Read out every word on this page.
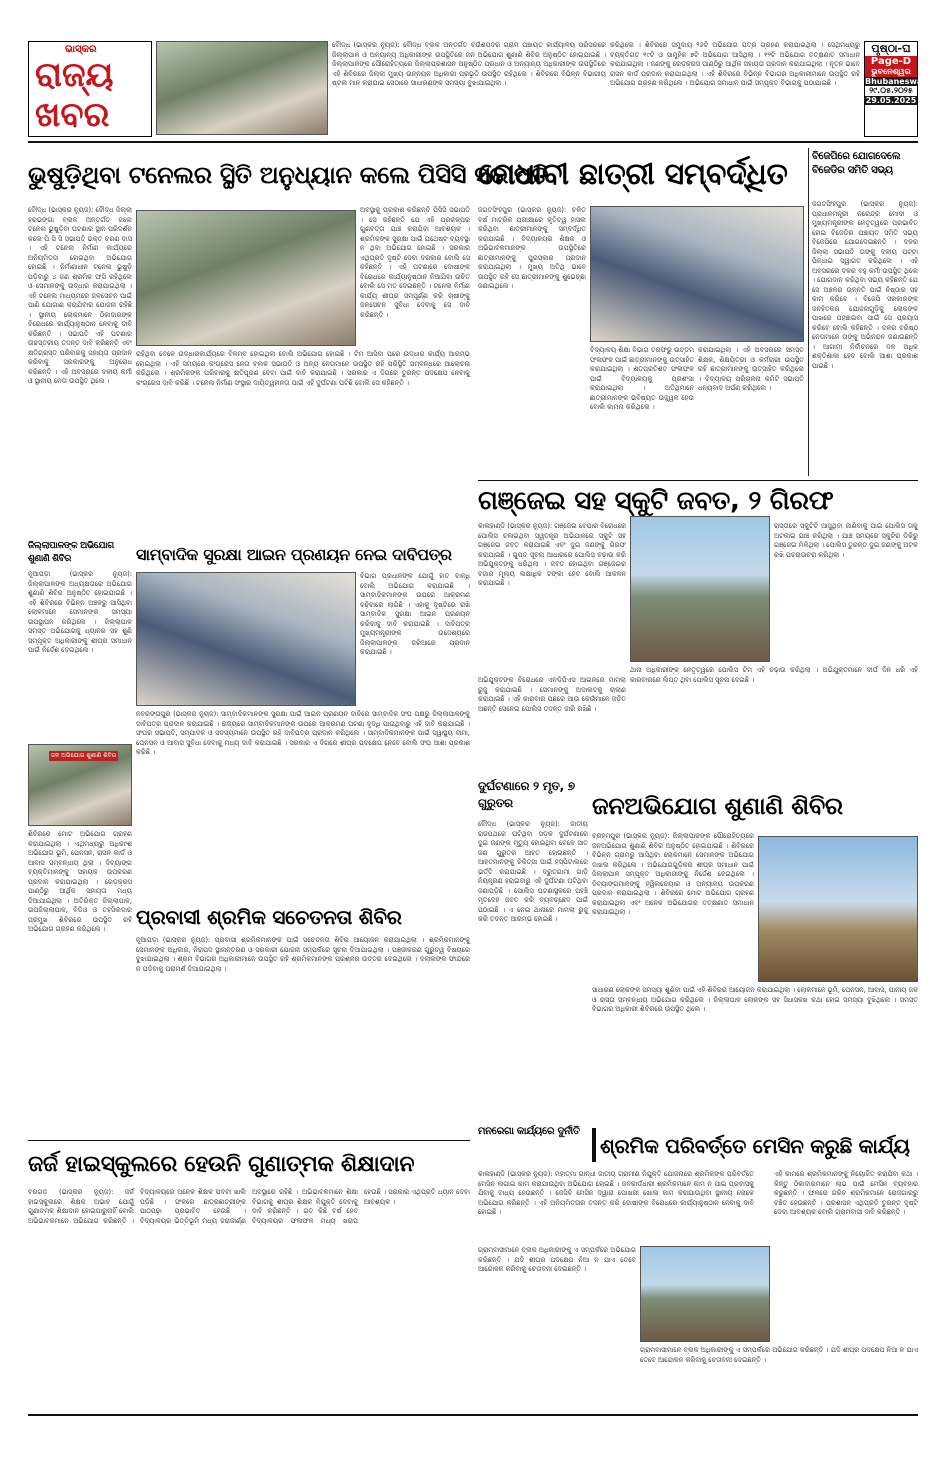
ଭାସ୍କର
ରାଜ୍ୟ
ଖବର
ବୌଦ୍ଧ (ଭାସ୍କର ନ୍ୟୁଜ): ବୌଦ୍ଧ ବ୍ଲକ ଅନ୍ତର୍ଗତ ବଉଁଶପଦର ଗ୍ରାମ ପଞ୍ଚାୟତ କାର୍ଯ୍ୟାଳୟ ପରିସରରେ ଜିଲ୍ଲାପାଳ ଓ ଅନ୍ୟାନ୍ୟ ଅଧିକାରୀଙ୍କ ଉପସ୍ଥିତିରେ ଜନ ଅଭିଯୋଗ ଶୁଣାଣି ଶିବିର ଅନୁଷ୍ଠିତ ହୋଇଯାଇଛି । ଜିଲ୍ଲାପାଳଙ୍କ ପୌରୋହିତ୍ୟରେ ଜିଲ୍ଲାପ୍ରଶାସନ ଅନୁଷ୍ଠିତ ପ୍ରଧାନ ଓ ଅନ୍ୟାନ୍ୟ ଅଧିକାରୀଙ୍କ ଉପସ୍ଥିତିରେ ଏହି ଶିବିରରେ ଜିଲ୍ଲା ମୁଖ୍ୟ ଉନ୍ନୟନ ଅଧିକାରୀ ପ୍ରଭୃତି ଉପସ୍ଥିତ ରହିଥିଲେ । ଶିବିରରେ ବିଭିନ୍ନ ବିଭାଗୀୟ ଷ୍ଟଲ ମାନ କରାଯାଇ ସେଠାରେ ସାଧାରଣଙ୍କ ସମସ୍ୟା ବୁଝାଯାଇଥିଲା ।
କରିଥିଲେ । ଶିବିରରେ ସମୁଦାୟ ୨୬ଟି ଅଭିଯୋଗ ପତ୍ର ଗ୍ରହଣ କରାଯାଇଥିଲା । ସେଥିମଧ୍ୟରୁ ବ୍ୟକ୍ତିଗତ ୧୯ଟି ଓ ସାମୁହିକ ୭ଟି ଅଭିଯୋଗ ଆସିଥିଲା । ୧୨ଟି ଅଭିଯୋଗ ତତ୍କ୍ଷଣାତ ସମାଧାନ କରାଯାଇଥିଲା । ଜଣଙ୍କୁ ରେଡ଼କ୍ରସ ପାଣ୍ଠିରୁ ଆର୍ଥିକ ସହାୟତା ପ୍ରଦାନ କରାଯାଇଥିଲା । ନୂତନ ଭାବେ ରାସନ କାର୍ଡ ପ୍ରଦାନ କରାଯାଇଥିଲା । ଏହି ଶିବିରରେ ବିଭିନ୍ନ ବିଭାଗର ଅଧିକାରୀମାନେ ଉପସ୍ଥିତ ରହି ଅଭିଯୋଗ ଗ୍ରହଣ କରିଥିଲେ । ଅଭିଯୋଗ ସମାଧାନ ପାଇଁ ସମ୍ପୃକ୍ତ ବିଭାଗକୁ ପଠାଯାଇଛି ।
ପୃଷ୍ଠା-ଘ
Page-D
ଭୁବନେଶ୍ୱର
Bhubaneswar
୨୯.୦୫.୨୦୨୫
29.05.2025
ଭୁଷୁଡ଼ିଥିବା ଟନେଲର ସ୍ଥିତି ଅନୁଧ୍ୟାନ କଲେ ପିସିସି ସଭାପତି
ବୌଦ୍ଧ (ଭାସ୍କର ନ୍ୟୁଜ): ବୌଦ୍ଧ ଜିଲ୍ଲା ହରଭଙ୍ଗା ବ୍ଲକ ଅନ୍ତର୍ଗତ ଜଲେ ଟନେଲ ଭୁଷୁଡ଼ିବା ଘଟଣାର ସ୍ଥାନ ପରିଦର୍ଶନ କଲେ ପି ସି ସି ସଭାପତି ଭକ୍ତ ଚରଣ ଦାସ । ଏହି ଟନେଲ ନିର୍ମାଣ କାର୍ଯ୍ୟରେ ଅନିୟମିତତା ହୋଇଥିବା ଅଭିଯୋଗ ହୋଇଛି । ନିର୍ମାଣାଧୀନ ଟନେଲ ଭୁଷୁଡ଼ି ପଡ଼ିବାରୁ ୪ ଜଣ ଶ୍ରମିକ ଫସି ରହିଥିଲେ ଓ ସେମାନଙ୍କୁ ଉଦ୍ଧାର କରାଯାଇଥିଲା । ଏହି ଟନେଲ ମାଧ୍ୟମରେ ଜଳସେଚନ ପାଇଁ ପାଣି ଯୋଗାଣ କରାଯିବାର ଯୋଜନା ରହିଛି । ସ୍ଥାନୀୟ ଲୋକମାନେ ଠିକାଦାରଙ୍କ ବିରୋଧରେ କାର୍ଯ୍ୟାନୁଷ୍ଠାନ ନେବାକୁ ଦାବି କରିଛନ୍ତି । ସଭାପତି ଏହି ଘଟଣାର ଉଚ୍ଚସ୍ତରୀୟ ତଦନ୍ତ ଦାବି କରିଛନ୍ତି ଏବଂ କ୍ଷତିଗ୍ରସ୍ତ ପରିବାରକୁ ସହାୟତା ପ୍ରଦାନ କରିବାକୁ ସରକାରଙ୍କୁ ଅନୁରୋଧ କରିଛନ୍ତି । ଏହି ଅବସରରେ ଦଳୀୟ କର୍ମୀ ଓ ସ୍ଥାନୀୟ ନେତା ଉପସ୍ଥିତ ଥିଲେ ।
ଅବସ୍ଥାକୁ ପ୍ରକାଶ କରିଛନ୍ତି ପିସିସି ସଭାପତି । ସେ କହିଛନ୍ତି ଯେ ଏହି ପ୍ରକଳ୍ପର ଗୁଣବତ୍ତା ଯାଞ୍ଚ କରାଯିବା ଆବଶ୍ୟକ । ଶ୍ରମିକଙ୍କ ସୁରକ୍ଷା ପାଇଁ ଯଥେଷ୍ଟ ବ୍ୟବସ୍ଥା ନ ଥିବା ଅଭିଯୋଗ ହୋଇଛି । ସରକାର ଏଥିପ୍ରତି ଦୃଷ୍ଟି ଦେବା ଦରକାର ବୋଲି ସେ କହିଛନ୍ତି । ଏହି ଘଟଣାରେ ଦୋଷୀଙ୍କ ବିରୋଧରେ କାର୍ଯ୍ୟାନୁଷ୍ଠାନ ନିଆଯିବା ଉଚିତ ବୋଲି ସେ ମତ ଦେଇଛନ୍ତି । ଟନେଲ ନିର୍ମାଣ କାର୍ଯ୍ୟ ଶୀଘ୍ର ସମ୍ପୂର୍ଣ୍ଣ କରି ଚାଷୀଙ୍କୁ ଜଳସେଚନ ସୁବିଧା ଦେବାକୁ ସେ ଦାବି କରିଛନ୍ତି ।
ରହିଥିବା ବେଳେ ଉଦ୍ଧାରକାର୍ଯ୍ୟରେ ବିଳମ୍ବ ହୋଇଥିଲା ବୋଲି ଅଭିଯୋଗ ହୋଇଛି । ଟିମ ଆସିବା ପରେ ଉଦ୍ଧାର କାର୍ଯ୍ୟ ଆରମ୍ଭ ହୋଇଥିଲା । ଏହି ସମୟରେ କଂଗ୍ରେସ ନେତା ବ୍ଲକ ସଭାପତି ଓ ଅନ୍ୟ ନେତାମାନେ ଉପସ୍ଥିତ ରହି ପରିସ୍ଥିତି ସମ୍ବନ୍ଧରେ ଆଲୋଚନା କରିଥିଲେ । ଶ୍ରମିକଙ୍କ ପରିବାରକୁ କ୍ଷତିପୂରଣ ଦେବା ପାଇଁ ଦାବି କରାଯାଇଛି । ସରକାର ଏ ଦିଗରେ ତୁରନ୍ତ ପଦକ୍ଷେପ ନେବାକୁ କଂଗ୍ରେସ ଦାବି କରିଛି । ଟନେଲ ନିର୍ମାଣ ସଂସ୍ଥାର ଦାୟିତ୍ୱହୀନତା ପାଇଁ ଏହି ଦୁର୍ଘଟଣା ଘଟିଛି ବୋଲି ସେ କହିଛନ୍ତି ।
ମେଧାବୀ ଛାତ୍ରୀ ସମ୍ବର୍ଦ୍ଧିତ
ଜଗତସିଂହପୁର (ଭାସ୍କର ନ୍ୟୁଜ): ଚଳିତ ବର୍ଷ ମାଟ୍ରିକ ପରୀକ୍ଷାରେ କୃତିତ୍ୱ ହାସଲ କରିଥିବା ଛାତ୍ରୀମାନଙ୍କୁ ସମ୍ବର୍ଦ୍ଧିତ କରାଯାଇଛି । ବିଦ୍ୟାଳୟର ଶିକ୍ଷକ ଓ ଅଭିଭାବକମାନଙ୍କ ଉପସ୍ଥିତିରେ ଛାତ୍ରୀମାନଙ୍କୁ ପୁରସ୍କାର ପ୍ରଦାନ କରାଯାଇଥିଲା । ମୁଖ୍ୟ ଅତିଥି ଭାବେ ଉପସ୍ଥିତ ରହି ସେ ଛାତ୍ରୀମାନଙ୍କୁ ଶୁଭେଚ୍ଛା ଜଣାଇଥିଲେ ।
ବିଦ୍ୟାଳୟ ଶିକ୍ଷା ବିଭାଗ ତରଫରୁ ଉତ୍ତମ ଫଳାଫଳ ପାଇଁ ଛାତ୍ରୀମାନଙ୍କୁ ଉତ୍ସାହିତ କରାଯାଇଥିଲା । ଶତପ୍ରତିଶତ ଫଳାଫଳ ପାଇଁ ବିଦ୍ୟାଳୟକୁ ପ୍ରଶଂସା କରାଯାଇଥିଲା । ଅତିଥିମାନେ ଛାତ୍ରୀମାନଙ୍କ ଭବିଷ୍ୟତ ଉଜ୍ଜ୍ୱଳ ହେଉ ବୋଲି କାମନା କରିଥିଲେ ।
କରାଯାଇଥିଲା । ଏହି ଅବସରରେ ସମସ୍ତ ଶିକ୍ଷକ, ଶିକ୍ଷୟିତ୍ରୀ ଓ କର୍ମଚାରୀ ଉପସ୍ଥିତ ରହି ଛାତ୍ରୀମାନଙ୍କୁ ଉତ୍ସାହିତ କରିଥିଲେ । ବିଦ୍ୟାଳୟ ପରିଚାଳନା କମିଟି ସଭାପତି ଧନ୍ୟବାଦ ଅର୍ପଣ କରିଥିଲେ ।
ବିଜେପିରେ ଯୋଗଦେଲେ ବିଜେଡିର ସମିତି ସଭ୍ୟ
ଜଗତସିଂହପୁର (ଭାସ୍କର ନ୍ୟୁଜ): ପ୍ରଧାନମନ୍ତ୍ରୀ ନରେନ୍ଦ୍ର ମୋଦୀ ଓ ମୁଖ୍ୟମନ୍ତ୍ରୀଙ୍କ ନେତୃତ୍ୱରେ ପ୍ରଭାବିତ ହୋଇ ବିଜେଡିର ପଞ୍ଚାୟତ ସମିତି ସଭ୍ୟ ବିଜେପିରେ ଯୋଗଦେଇଛନ୍ତି । ଦଳର ଜିଲ୍ଲା ସଭାପତି ତାଙ୍କୁ ଦଳୀୟ ପଟ୍ଟା ପିନ୍ଧାଇ ସ୍ୱାଗତ କରିଥିଲେ । ଏହି ଅବସରରେ ଦଳର ବହୁ କର୍ମୀ ଉପସ୍ଥିତ ଥିଲେ । ଯୋଗଦାନ କରିଥିବା ସଭ୍ୟ କହିଛନ୍ତି ଯେ ସେ ଅଞ୍ଚଳର ଉନ୍ନତି ପାଇଁ ନିଷ୍ଠାର ସହ କାମ କରିବେ । ବିଜେପି ସରକାରଙ୍କ ଜନହିତକର ଯୋଜନାଗୁଡ଼ିକୁ ଲୋକଙ୍କ ପାଖରେ ପହଞ୍ଚାଇବା ପାଇଁ ସେ ପ୍ରୟାସ କରିବେ ବୋଲି କହିଛନ୍ତି । ଦଳର ବରିଷ୍ଠ ନେତାମାନେ ତାଙ୍କୁ ଅଭିନନ୍ଦନ ଜଣାଇଛନ୍ତି । ଆଗାମୀ ନିର୍ବାଚନରେ ଦଳ ଅଧିକ ଶକ୍ତିଶାଳୀ ହେବ ବୋଲି ଆଶା ପ୍ରକାଶ ପାଇଛି ।
ଗଞ୍ଜେଇ ସହ ସ୍କୁଟି ଜବତ, ୨ ଗିରଫ
କାଳାହାଣ୍ଡି (ଭାସ୍କର ନ୍ୟୁଜ): ଗଞ୍ଜେଇ ବେପାର ବିରୋଧରେ ପୋଲିସ ଚଳାଇଥିବା ସ୍ୱତନ୍ତ୍ର ଅଭିଯାନରେ ସ୍କୁଟି ସହ ଗଞ୍ଜେଇ ଜବତ କରାଯାଇଛି ଏବଂ ଦୁଇ ଜଣଙ୍କୁ ଗିରଫ କରାଯାଇଛି । ଗୁପ୍ତ ସୂଚନା ଆଧାରରେ ପୋଲିସ ଚଢ଼ାଉ କରି ଅଭିଯୁକ୍ତଙ୍କୁ ଧରିଥିଲା । ଜବତ ହୋଇଥିବା ଗଞ୍ଜେଇର ବଜାର ମୂଲ୍ୟ ଲକ୍ଷାଧିକ ଟଙ୍କା ହେବ ବୋଲି ଆକଳନ କରାଯାଇଛି ।
ରାସ୍ତାରେ ସ୍କୁଟିଟି ଆସୁଥିବା ଜାଣିବାକୁ ପାଇ ପୋଲିସ ତାକୁ ଅଟକାଇ ଯାଞ୍ଚ କରିଥିଲା । ଯାଞ୍ଚ ସମୟରେ ସ୍କୁଟିର ଡିକିରୁ ଗଞ୍ଜେଇ ମିଳିଥିଲା । ପୋଲିସ ତୁରନ୍ତ ଦୁଇ ଜଣଙ୍କୁ ଅଟକ ରଖି ପଚରାଉଚରା କରିଥିଲା ।
ଅଭିଯୁକ୍ତଙ୍କ ବିରୋଧରେ ଏନଡିପିଏସ ଆଇନରେ ମାମଲା ରୁଜୁ କରାଯାଇଛି । ସେମାନଙ୍କୁ ଅଦାଲତକୁ ଚାଲାଣ କରାଯାଇଛି । ଏହି କାରବାର ପଛରେ ଆଉ କେଉଁମାନେ ଜଡ଼ିତ ଅଛନ୍ତି ସେନେଇ ପୋଲିସ ତଦନ୍ତ ଜାରି ରଖିଛି ।
ଥାନା ଅଧିକାରୀଙ୍କ ନେତୃତ୍ୱରେ ପୋଲିସ ଟିମ ଏହି ଚଢ଼ାଉ କରିଥିଲା । ଅଭିଯୁକ୍ତମାନେ ଦୀର୍ଘ ଦିନ ଧରି ଏହି କାରବାରରେ ଲିପ୍ତ ଥିବା ପୋଲିସ ସୂଚନା ଦେଇଛି ।
ଜିଲ୍ଲାପାଳଙ୍କ ଅଭିଯୋଗ ଶୁଣାଣି ଶିବିର
ନୂଆପଡ଼ା (ଭାସ୍କର ନ୍ୟୁଜ): ଜିଲ୍ଲାପାଳଙ୍କ ଅଧ୍ୟକ୍ଷତାରେ ଅଭିଯୋଗ ଶୁଣାଣି ଶିବିର ଅନୁଷ୍ଠିତ ହୋଇଯାଇଛି । ଏହି ଶିବିରରେ ବିଭିନ୍ନ ଅଞ୍ଚଳରୁ ଆସିଥିବା ଲୋକମାନେ ସେମାନଙ୍କ ସମସ୍ୟା ଉପସ୍ଥାପନ କରିଥିଲେ । ଜିଲ୍ଲାପାଳ ସମସ୍ତ ଅଭିଯୋଗକୁ ଧ୍ୟାନର ସହ ଶୁଣି ସମ୍ପୃକ୍ତ ଅଧିକାରୀଙ୍କୁ ଶୀଘ୍ର ସମାଧାନ ପାଇଁ ନିର୍ଦ୍ଦେଶ ଦେଇଥିଲେ ।
ଜନ ଅଭିଯୋଗ ଶୁଣାଣି ଶିବିର
ଶିବିରରେ ମୋଟ ଅଭିଯୋଗ ଗ୍ରହଣ କରାଯାଇଥିଲା । ଏଥିମଧ୍ୟରୁ ଅଧିକାଂଶ ଅଭିଯୋଗ ଭୂମି, ପେନସନ, ରାସନ କାର୍ଡ ଓ ଆବାସ ସମ୍ବନ୍ଧୀୟ ଥିଲା । ଦିବ୍ୟାଙ୍ଗ ବ୍ୟକ୍ତିମାନଙ୍କୁ ସହାୟକ ଉପକରଣ ପ୍ରଦାନ କରାଯାଇଥିଲା । ରେଡ଼କ୍ରସ ପାଣ୍ଠିରୁ ଆର୍ଥିକ ସହାୟତା ମଧ୍ୟ ଦିଆଯାଇଥିଲା । ଅତିରିକ୍ତ ଜିଲ୍ଲାପାଳ, ଉପଜିଲ୍ଲାପାଳ, ବିଡିଓ ଓ ତହସିଲଦାର ପ୍ରମୁଖ ଶିବିରରେ ଉପସ୍ଥିତ ରହି ଅଭିଯୋଗ ଗ୍ରହଣ କରିଥିଲେ ।
ସାମ୍ବାଦିକ ସୁରକ୍ଷା ଆଇନ ପ୍ରଣୟନ ନେଇ ଦାବିପତ୍ର
ବିଭାଗ ପ୍ରଧାନଙ୍କ ଯୋଗୁଁ ହାତ ବାନ୍ଧି ବୋଲି ଅଭିଯୋଗ କରାଯାଇଛି । ସାମ୍ବାଦିକମାନଙ୍କ ଉପରେ ଆକ୍ରମଣ ବଢ଼ିବାରେ ଲାଗିଛି । ଏହାକୁ ଦୃଷ୍ଟିରେ ରଖି ସାମ୍ବାଦିକ ସୁରକ୍ଷା ଆଇନ ପ୍ରଣୟନ କରିବାକୁ ଦାବି କରାଯାଇଛି । ଦାବିପତ୍ର ମୁଖ୍ୟମନ୍ତ୍ରୀଙ୍କ ଉଦ୍ଦେଶ୍ୟରେ ଜିଲ୍ଲାପାଳଙ୍କ ଜରିଆରେ ପ୍ରଦାନ କରାଯାଇଛି ।
ନବରଙ୍ଗପୁର (ଭାସ୍କର ନ୍ୟୁଜ): ସାମ୍ବାଦିକମାନଙ୍କ ସୁରକ୍ଷା ପାଇଁ ଆଇନ ପ୍ରଣୟନ ଦାବିରେ ସାମ୍ବାଦିକ ସଂଘ ପକ୍ଷରୁ ଜିଲ୍ଲାପାଳଙ୍କୁ ଦାବିପତ୍ର ପ୍ରଦାନ କରାଯାଇଛି । ରାଜ୍ୟରେ ସାମ୍ବାଦିକମାନଙ୍କ ଉପରେ ଆକ୍ରମଣ ଘଟଣା ବୃଦ୍ଧି ପାଉଥିବାରୁ ଏହି ଦାବି କରାଯାଇଛି । ସଂଘର ସଭାପତି, ସମ୍ପାଦକ ଓ ସଦସ୍ୟମାନେ ଉପସ୍ଥିତ ରହି ଦାବିପତ୍ର ପ୍ରଦାନ କରିଥିଲେ । ସାମ୍ବାଦିକମାନଙ୍କ ପାଇଁ ସ୍ୱାସ୍ଥ୍ୟ ବୀମା, ପେନସନ ଓ ଆବାସ ସୁବିଧା ଦେବାକୁ ମଧ୍ୟ ଦାବି କରାଯାଇଛି । ସରକାର ଏ ଦିଗରେ ଶୀଘ୍ର ପଦକ୍ଷେପ ନେବେ ବୋଲି ସଂଘ ଆଶା ପ୍ରକାଶ କରିଛି ।
ଦୁର୍ଘଟଣାରେ ୨ ମୃତ, ୭ ଗୁରୁତର
ବୌଦ୍ଧ (ଭାସ୍କର ନ୍ୟୁଜ): ଜାତୀୟ ରାଜପଥରେ ଘଟିଥିବା ସଡ଼କ ଦୁର୍ଘଟଣାରେ ଦୁଇ ଜଣଙ୍କ ମୃତ୍ୟୁ ହୋଇଥିବା ବେଳେ ସାତ ଜଣ ଗୁରୁତର ଆହତ ହୋଇଛନ୍ତି । ଆହତମାନଙ୍କୁ ଚିକିତ୍ସା ପାଇଁ ହସ୍ପିଟାଲରେ ଭର୍ତ୍ତି କରାଯାଇଛି । ଦ୍ରୁତଗାମୀ ଗାଡ଼ି ନିୟନ୍ତ୍ରଣ ହରାଇବାରୁ ଏହି ଦୁର୍ଘଟଣା ଘଟିଥିବା ଜଣାପଡ଼ିଛି । ପୋଲିସ ଘଟଣାସ୍ଥଳରେ ପହଞ୍ଚି ମୃତଦେହ ଜବତ କରି ବ୍ୟବଚ୍ଛେଦ ପାଇଁ ପଠାଇଛି । ଏ ନେଇ ଥାନାରେ ମାମଲା ରୁଜୁ କରି ତଦନ୍ତ ଆରମ୍ଭ ହୋଇଛି ।
ଜନଅଭିଯୋଗ ଶୁଣାଣି ଶିବିର
ବ୍ରହ୍ମପୁର (ଭାସ୍କର ନ୍ୟୁଜ): ଜିଲ୍ଲାପାଳଙ୍କ ପୌରୋହିତ୍ୟରେ ଜନଅଭିଯୋଗ ଶୁଣାଣି ଶିବିର ଅନୁଷ୍ଠିତ ହୋଇଯାଇଛି । ଶିବିରରେ ବିଭିନ୍ନ ଗ୍ରାମରୁ ଆସିଥିବା ଲୋକମାନେ ସେମାନଙ୍କ ଅଭିଯୋଗ ଦାଖଲ କରିଥିଲେ । ଅଭିଯୋଗଗୁଡ଼ିକର ଶୀଘ୍ର ସମାଧାନ ପାଇଁ ଜିଲ୍ଲାପାଳ ସମ୍ପୃକ୍ତ ଅଧିକାରୀଙ୍କୁ ନିର୍ଦ୍ଦେଶ ଦେଇଥିଲେ । ଦିବ୍ୟାଙ୍ଗମାନଙ୍କୁ ହ୍ୱିଲଚେୟାର ଓ ଅନ୍ୟାନ୍ୟ ଉପକରଣ ପ୍ରଦାନ କରାଯାଇଥିଲା । ଶିବିରରେ ମୋଟ ଅଭିଯୋଗ ଗ୍ରହଣ କରାଯାଇଥିଲା ଏବଂ ଅନେକ ଅଭିଯୋଗର ତତ୍କ୍ଷଣାତ ସମାଧାନ କରାଯାଇଥିଲା ।
ସାଧାରଣ ଲୋକଙ୍କ ସମସ୍ୟା ଶୁଣିବା ପାଇଁ ଏହି ଶିବିରର ଆୟୋଜନ କରାଯାଇଥିଲା । ଲୋକମାନେ ଭୂମି, ପେନସନ, ଆବାସ, ପାନୀୟ ଜଳ ଓ ରାସ୍ତା ସମ୍ବନ୍ଧୀୟ ଅଭିଯୋଗ କରିଥିଲେ । ଜିଲ୍ଲାପାଳ ଲୋକଙ୍କ ସହ ସିଧାସଳଖ କଥା ହୋଇ ସମସ୍ୟା ବୁଝିଥିଲେ । ସମସ୍ତ ବିଭାଗର ଅଧିକାରୀ ଶିବିରରେ ଉପସ୍ଥିତ ଥିଲେ ।
ପ୍ରବାସୀ ଶ୍ରମିକ ସଚେତନତା ଶିବିର
ନୂଆପଡ଼ା (ଭାସ୍କର ନ୍ୟୁଜ): ପ୍ରବାସୀ ଶ୍ରମିକମାନଙ୍କ ପାଇଁ ସଚେତନତା ଶିବିର ଆୟୋଜନ କରାଯାଇଥିଲା । ଶ୍ରମିକମାନଙ୍କୁ ସେମାନଙ୍କ ଅଧିକାର, ନିରାପଦ ସ୍ଥାନାନ୍ତରଣ ଓ ସରକାରୀ ଯୋଜନା ସମ୍ପର୍କରେ ସୂଚନା ଦିଆଯାଇଥିଲା । ପଞ୍ଜୀକରଣ ଗୁରୁତ୍ୱ ବିଷୟରେ ବୁଝାଯାଇଥିଲା । ଶ୍ରମ ବିଭାଗର ଅଧିକାରୀମାନେ ଉପସ୍ଥିତ ରହି ଶ୍ରମିକମାନଙ୍କ ପ୍ରଶ୍ନର ଉତ୍ତର ଦେଇଥିଲେ । ଦଲାଲଙ୍କ ଫାନ୍ଦରେ ନ ପଡ଼ିବାକୁ ପରାମର୍ଶ ଦିଆଯାଇଥିଲା ।
ମନରେଗା କାର୍ଯ୍ୟରେ ଦୁର୍ନୀତି
ଶ୍ରମିକ ପରିବର୍ତ୍ତେ ମେସିନ କରୁଛି କାର୍ଯ୍ୟ
କାଳାହାଣ୍ଡି (ଭାସ୍କର ନ୍ୟୁଜ): ମହାତ୍ମା ଗାନ୍ଧୀ ଜାତୀୟ ଗ୍ରାମୀଣ ନିଯୁକ୍ତି ଯୋଜନାରେ ଶ୍ରମିକଙ୍କ ପରିବର୍ତ୍ତେ ମେସିନ ଲଗାଇ କାମ କରାଯାଉଥିବା ଅଭିଯୋଗ ହୋଇଛି । ଜବକାର୍ଡଧାରୀ ଶ୍ରମିକମାନେ କାମ ନ ପାଇ ପ୍ରବାସକୁ ଯିବାକୁ ବାଧ୍ୟ ହେଉଛନ୍ତି । ଜେସିବି ମେସିନ ଦ୍ୱାରା ପୋଖରୀ ଖୋଳା କାମ କରାଯାଉଥିବା ସ୍ଥାନୀୟ ଲୋକେ ଅଭିଯୋଗ କରିଛନ୍ତି । ଏହି ଅନିୟମିତତାର ତଦନ୍ତ କରି ଦୋଷୀଙ୍କ ବିରୋଧରେ କାର୍ଯ୍ୟାନୁଷ୍ଠାନ ନେବାକୁ ଦାବି ହୋଇଛି ।
ଏହି କାମରେ ଶ୍ରମିକମାନଙ୍କୁ ନିୟୋଜିତ କରାଯିବା କଥା । କିନ୍ତୁ ଠିକାଦାରମାନେ ଲାଭ ପାଇଁ ମେସିନ ବ୍ୟବହାର କରୁଛନ୍ତି । ଫଳରେ ଗରିବ ଶ୍ରମିକମାନେ ରୋଜଗାରରୁ ବଞ୍ଚିତ ହେଉଛନ୍ତି । ପ୍ରଶାସନ ଏଥିପ୍ରତି ତୁରନ୍ତ ଦୃଷ୍ଟି ଦେବା ଆବଶ୍ୟକ ବୋଲି ଗ୍ରାମବାସୀ ଦାବି କରିଛନ୍ତି ।
ଗ୍ରାମବାସୀମାନେ ବ୍ଲକ ଅଧିକାରୀଙ୍କୁ ଏ ସମ୍ପର୍କରେ ଅଭିଯୋଗ କରିଛନ୍ତି । ଯଦି ଶୀଘ୍ର ପଦକ୍ଷେପ ନିଆ ନ ଯାଏ ତେବେ ଆନ୍ଦୋଳନ କରିବାକୁ ଚେତାବନୀ ଦେଇଛନ୍ତି ।
ଗ୍ରାମବାସୀମାନେ ବ୍ଲକ ଅଧିକାରୀଙ୍କୁ ଏ ସମ୍ପର୍କରେ ଅଭିଯୋଗ କରିଛନ୍ତି । ଯଦି ଶୀଘ୍ର ପଦକ୍ଷେପ ନିଆ ନ ଯାଏ ତେବେ ଆନ୍ଦୋଳନ କରିବାକୁ ଚେତାବନୀ ଦେଇଛନ୍ତି ।
ଜର୍ଜ ହାଇସ୍କୁଲରେ ହେଉନି ଗୁଣାତ୍ମକ ଶିକ୍ଷାଦାନ
ବରଗଡ଼ (ଭାସ୍କର ନ୍ୟୁଜ): ଜର୍ଜ ହାଇସ୍କୁଲରେ ଶିକ୍ଷକ ଅଭାବ ଯୋଗୁଁ ଗୁଣାତ୍ମକ ଶିକ୍ଷାଦାନ ହୋଇପାରୁନାହିଁ ବୋଲି ଅଭିଭାବକମାନେ ଅଭିଯୋଗ କରିଛନ୍ତି । ବିଦ୍ୟାଳୟରେ ଅନେକ ଶିକ୍ଷକ ପଦବୀ ଖାଲି ପଡ଼ିଛି । ଫଳରେ ଛାତ୍ରଛାତ୍ରୀଙ୍କ ପାଠପଢ଼ା ପ୍ରଭାବିତ ହେଉଛି । ବିଦ୍ୟାଳୟର ଭିତ୍ତିଭୂମି ମଧ୍ୟ ଜରାଜୀର୍ଣ୍ଣ ଅବସ୍ଥାରେ ରହିଛି । ଅଭିଭାବକମାନେ ଶିକ୍ଷା ବିଭାଗକୁ ଶୀଘ୍ର ଶିକ୍ଷକ ନିଯୁକ୍ତି ଦେବାକୁ ଦାବି କରିଛନ୍ତି । ଗତ କିଛି ବର୍ଷ ହେବ ବିଦ୍ୟାଳୟର ଫଳାଫଳ ମଧ୍ୟ ଖରାପ ହେଉଛି । ସରକାର ଏଥିପ୍ରତି ଧ୍ୟାନ ଦେବା ଆବଶ୍ୟକ ।
